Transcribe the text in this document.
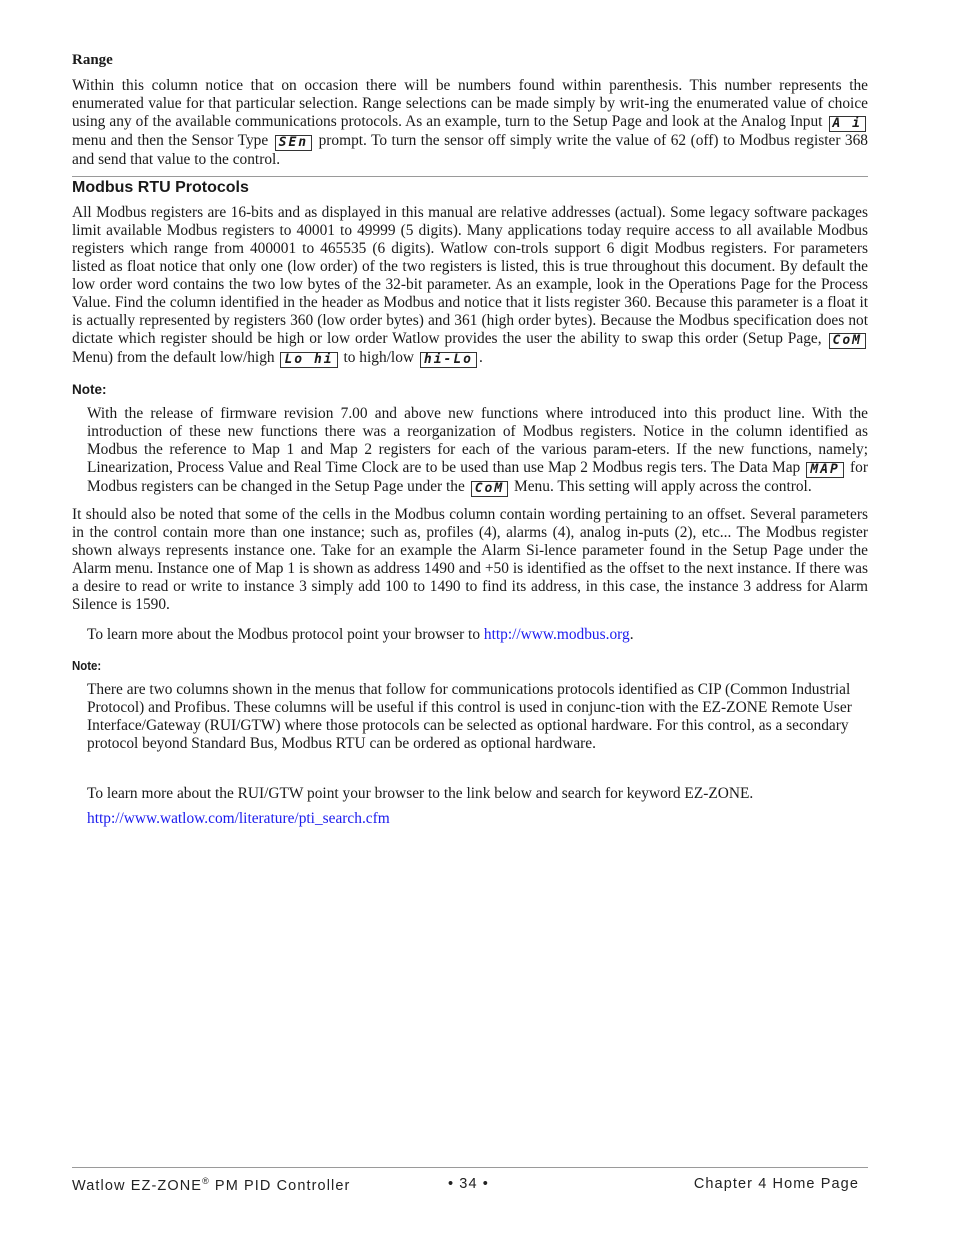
Range

Within this column notice that on occasion there will be numbers found within parenthesis. This number represents the enumerated value for that particular selection. Range selections can be made simply by writ-ing the enumerated value of choice using any of the available communications protocols. As an example, turn to the Setup Page and look at the Analog Input A i menu and then the Sensor Type SEn prompt. To turn the sensor off simply write the value of 62 (off) to Modbus register 368 and send that value to the control.

Modbus RTU Protocols

All Modbus registers are 16-bits and as displayed in this manual are relative addresses (actual). Some legacy software packages limit available Modbus registers to 40001 to 49999 (5 digits). Many applications today require access to all available Modbus registers which range from 400001 to 465535 (6 digits). Watlow con-trols support 6 digit Modbus registers. For parameters listed as float notice that only one (low order) of the two registers is listed, this is true throughout this document. By default the low order word contains the two low bytes of the 32-bit parameter. As an example, look in the Operations Page for the Process Value. Find the column identified in the header as Modbus and notice that it lists register 360. Because this parameter is a float it is actually represented by registers 360 (low order bytes) and 361 (high order bytes). Because the Modbus specification does not dictate which register should be high or low order Watlow provides the user the ability to swap this order (Setup Page, CoM Menu) from the default low/high Lo hi to high/low hi-Lo .

Note:

With the release of firmware revision 7.00 and above new functions where introduced into this product line. With the introduction of these new functions there was a reorganization of Modbus registers. Notice in the column identified as Modbus the reference to Map 1 and Map 2 registers for each of the various param-eters. If the new functions, namely; Linearization, Process Value and Real Time Clock are to be used than use Map 2 Modbus regis ters. The Data Map MAP for Modbus registers can be changed in the Setup Page under the CoM Menu. This setting will apply across the control.

It should also be noted that some of the cells in the Modbus column contain wording pertaining to an offset. Several parameters in the control contain more than one instance; such as, profiles (4), alarms (4), analog in-puts (2), etc... The Modbus register shown always represents instance one. Take for an example the Alarm Si-lence parameter found in the Setup Page under the Alarm menu. Instance one of Map 1 is shown as address 1490 and +50 is identified as the offset to the next instance. If there was a desire to read or write to instance 3 simply add 100 to 1490 to find its address, in this case, the instance 3 address for Alarm Silence is 1590.

To learn more about the Modbus protocol point your browser to http://www.modbus.org.

Note:

There are two columns shown in the menus that follow for communications protocols identified as CIP (Common Industrial Protocol) and Profibus. These columns will be useful if this control is used in conjunc-tion with the EZ-ZONE Remote User Interface/Gateway (RUI/GTW) where those protocols can be selected as optional hardware. For this control, as a secondary protocol beyond Standard Bus, Modbus RTU can be ordered as optional hardware.

To learn more about the RUI/GTW point your browser to the link below and search for keyword EZ-ZONE.

http://www.watlow.com/literature/pti_search.cfm

Watlow EZ-ZONE® PM PID Controller	• 34 •	Chapter 4 Home Page
